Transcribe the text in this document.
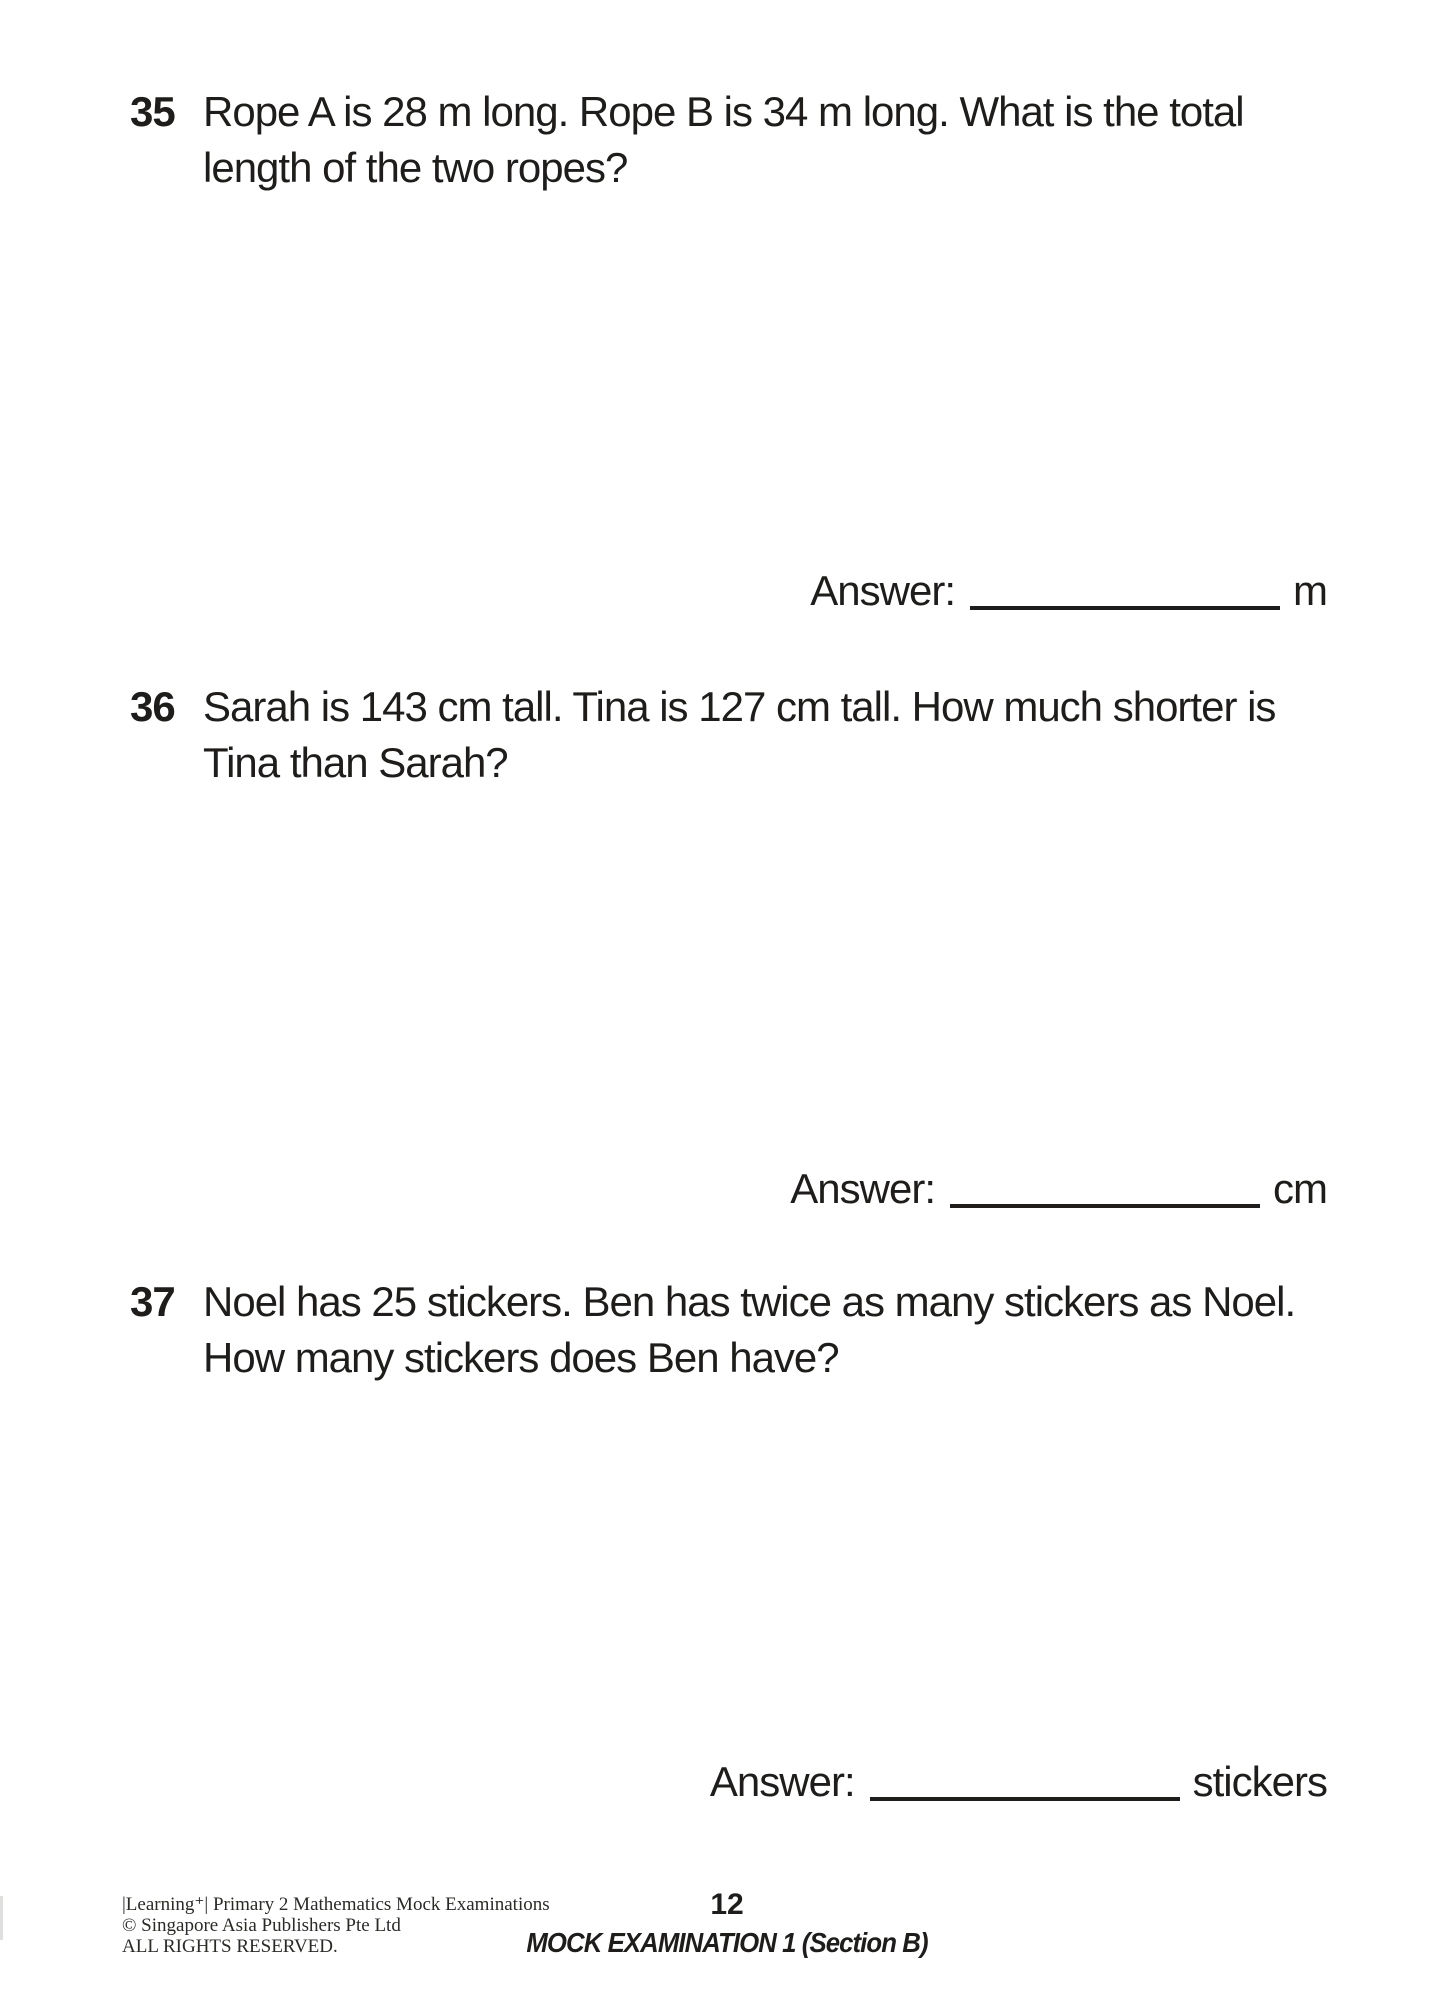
35 Rope A is 28 m long. Rope B is 34 m long. What is the total
length of the two ropes?
Answer:	m
36 Sarah is 143 cm tall. Tina is 127 cm tall. How much shorter is
Tina than Sarah?
Answer:	cm
37 Noel has 25 stickers. Ben has twice as many stickers as Noel.
How many stickers does Ben have?
Answer:	stickers
|Learning⁺| Primary 2 Mathematics Mock Examinations
© Singapore Asia Publishers Pte Ltd
ALL RIGHTS RESERVED.
12
MOCK EXAMINATION 1 (Section B)
